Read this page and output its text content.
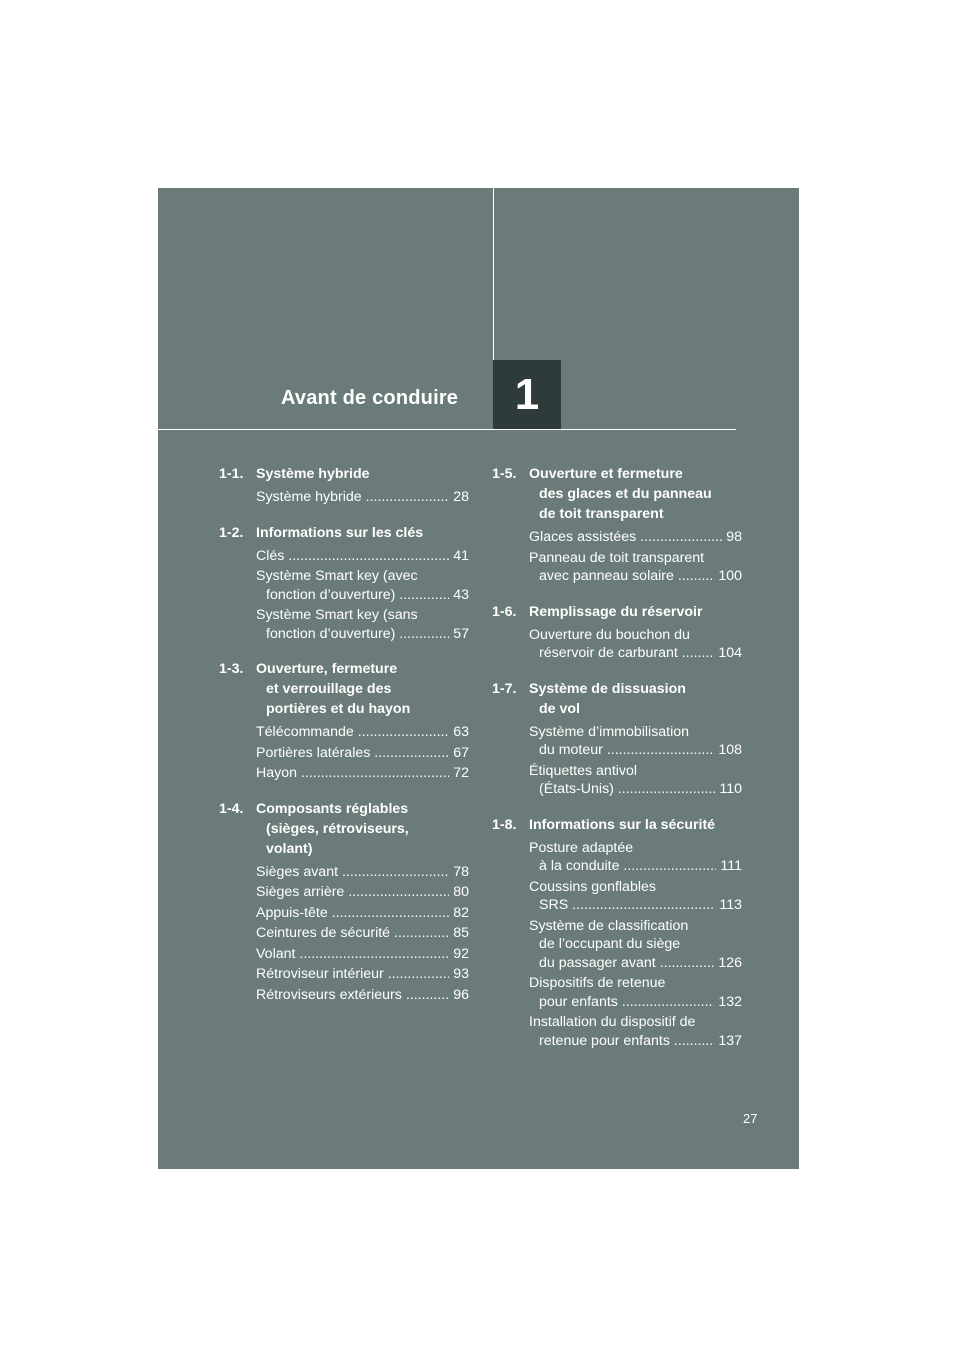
Avant de conduire	1
1-1. Système hybride
Système hybride .....	28
1-2. Informations sur les clés
Clés .....	41
Système Smart key (avec
fonction d’ouverture) .....	43
Système Smart key (sans
fonction d’ouverture) .....	57
1-3. Ouverture, fermeture
et verrouillage des
portières et du hayon
Télécommande .....	63
Portières latérales .....	67
Hayon .....	72
1-4. Composants réglables
(sièges, rétroviseurs,
volant)
Sièges avant .....	78
Sièges arrière .....	80
Appuis-tête .....	82
Ceintures de sécurité .....	85
Volant .....	92
Rétroviseur intérieur .....	93
Rétroviseurs extérieurs .....	96
1-5. Ouverture et fermeture
des glaces et du panneau
de toit transparent
Glaces assistées .....	98
Panneau de toit transparent
avec panneau solaire .....	100
1-6. Remplissage du réservoir
Ouverture du bouchon du
réservoir de carburant .....	104
1-7. Système de dissuasion
de vol
Système d’immobilisation
du moteur .....	108
Étiquettes antivol
(États-Unis) .....	110
1-8. Informations sur la sécurité
Posture adaptée
à la conduite .....	111
Coussins gonflables
SRS .....	113
Système de classification
de l’occupant du siège
du passager avant .....	126
Dispositifs de retenue
pour enfants .....	132
Installation du dispositif de
retenue pour enfants .....	137
27
